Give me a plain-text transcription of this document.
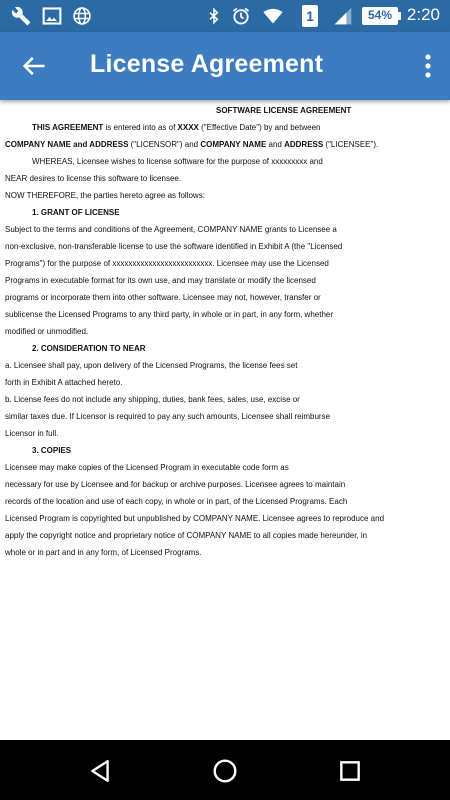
1	54% 2:20
License Agreement
SOFTWARE LICENSE AGREEMENT
THIS AGREEMENT is entered into as of XXXX ("Effective Date") by and between
COMPANY NAME and ADDRESS ("LICENSOR") and COMPANY NAME and ADDRESS ("LICENSEE").
WHEREAS, Licensee wishes to license software for the purpose of xxxxxxxxx and
NEAR desires to license this software to licensee.
NOW THEREFORE, the parties hereto agree as follows:
1. GRANT OF LICENSE
Subject to the terms and conditions of the Agreement, COMPANY NAME grants to Licensee a
non-exclusive, non-transferable license to use the software identified in Exhibit A (the "Licensed
Programs") for the purpose of xxxxxxxxxxxxxxxxxxxxxxxxx. Licensee may use the Licensed
Programs in executable format for its own use, and may translate or modify the licensed
programs or incorporate them into other software. Licensee may not, however, transfer or
sublicense the Licensed Programs to any third party, in whole or in part, in any form, whether
modified or unmodified.
2. CONSIDERATION TO NEAR
a. Licensee shall pay, upon delivery of the Licensed Programs, the license fees set
forth in Exhibit A attached hereto.
b. License fees do not include any shipping, duties, bank fees, sales, use, excise or
similar taxes due. If Licensor is required to pay any such amounts, Licensee shall reimburse
Licensor in full.
3. COPIES
Licensee may make copies of the Licensed Program in executable code form as
necessary for use by Licensee and for backup or archive purposes. Licensee agrees to maintain
records of the location and use of each copy, in whole or in part, of the Licensed Programs. Each
Licensed Program is copyrighted but unpublished by COMPANY NAME. Licensee agrees to reproduce and
apply the copyright notice and proprietary notice of COMPANY NAME to all copies made hereunder, in
whole or in part and in any form, of Licensed Programs.
